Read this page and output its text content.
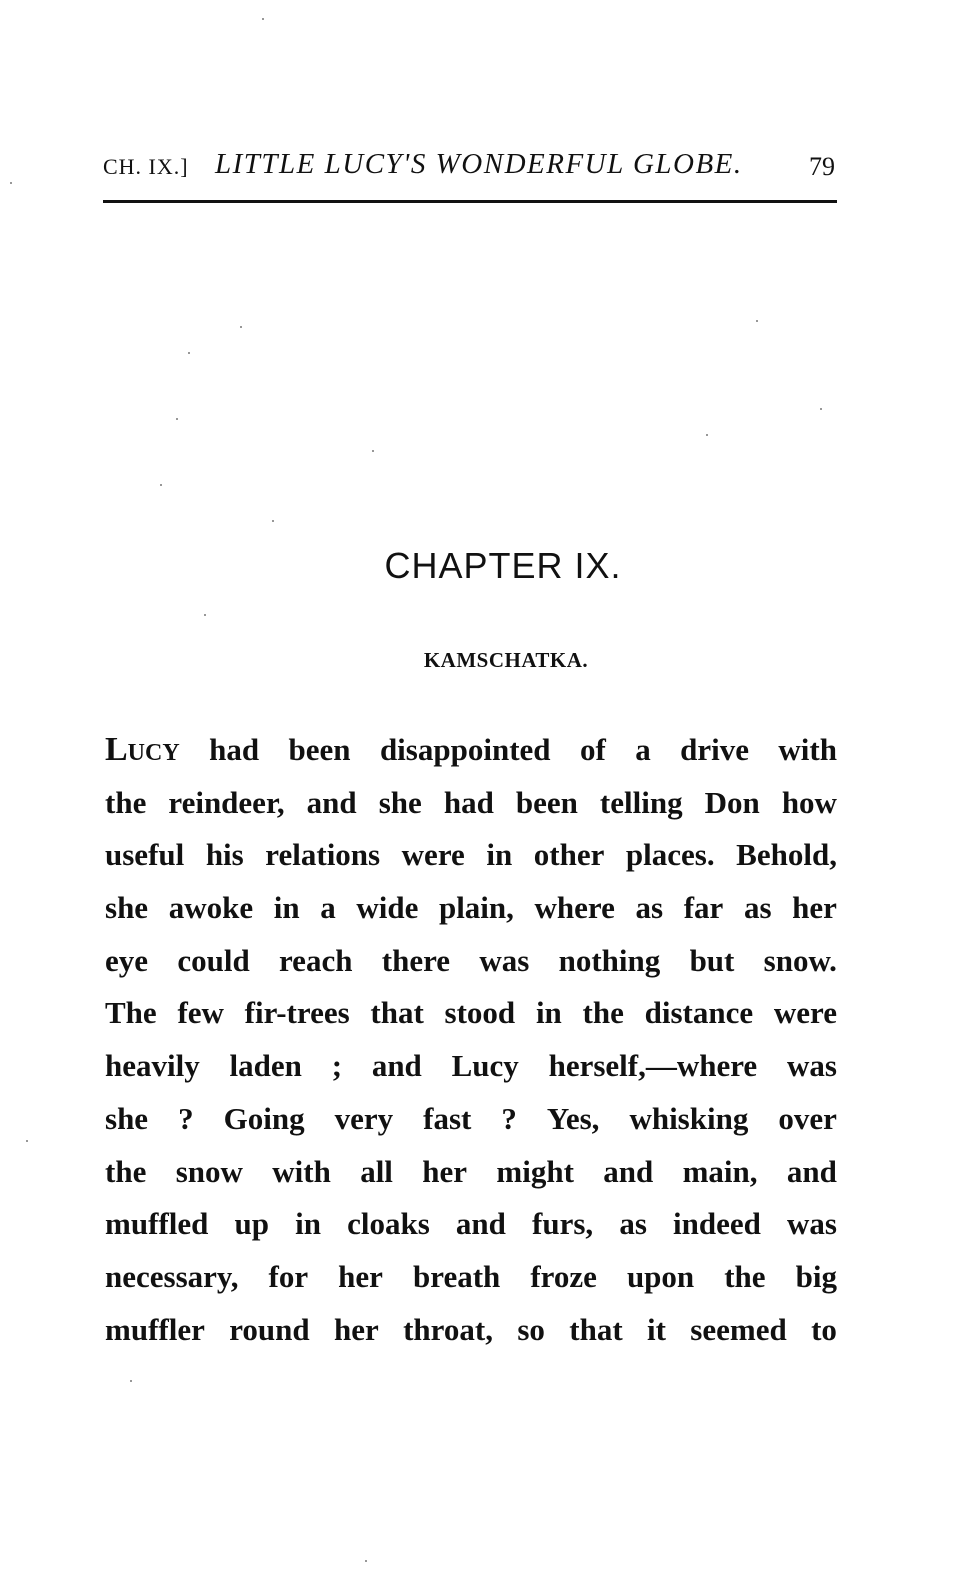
CH. IX.] LITTLE LUCY'S WONDERFUL GLOBE.	79
CHAPTER IX.
KAMSCHATKA.
Lucy had been disappointed of a drive with
the reindeer, and she had been telling Don how
useful his relations were in other places. Behold,
she awoke in a wide plain, where as far as her
eye could reach there was nothing but snow.
The few fir-trees that stood in the distance were
heavily laden ; and Lucy herself,—where was
she ? Going very fast ? Yes, whisking over
the snow with all her might and main, and
muffled up in cloaks and furs, as indeed was
necessary, for her breath froze upon the big
muffler round her throat, so that it seemed to
